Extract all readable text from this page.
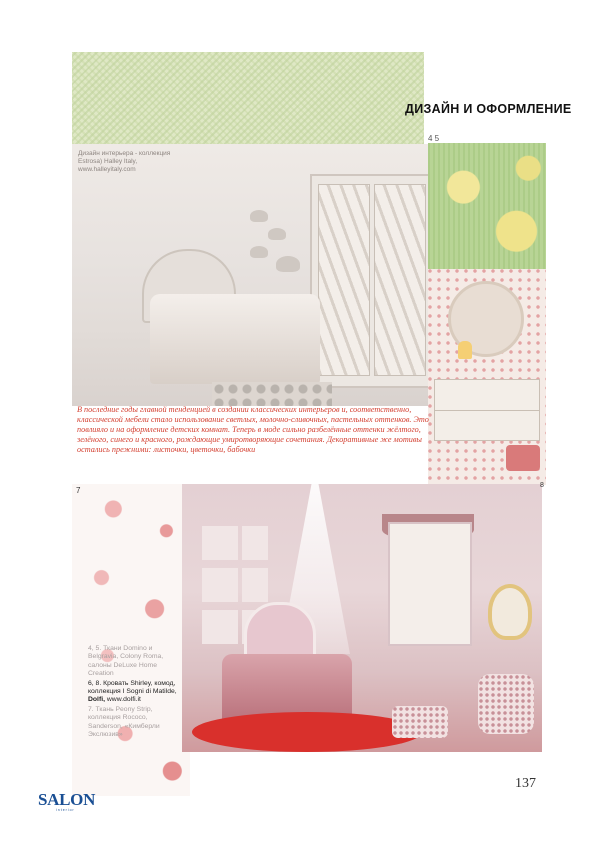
ДИЗАЙН И ОФОРМЛЕНИЕ
4 5
Дизайн интерьера - коллекция Estrosa) Halley Italy, www.halleyitaly.com
В последние годы главной тенденцией в создании классических интерьеров и, соответственно, классической мебели стало использование светлых, молочно-сливочных, пастельных оттенков. Это повлияло и на оформление детских комнат. Теперь в моде сильно разбелённые оттенки жёлтого, зелёного, синего и красного, рождающие умиротворяющие сочетания. Декоративные же мотивы остались прежними: листочки, цветочки, бабочки
7
8

4, 5. Ткани Domino и Belgravia, Colony Roma, салоны DeLuxe Home Creation

6, 8. Кровать Shirley, комод, коллекция I Sogni di Matilde, Dolfi, www.dolfi.it

7. Ткань Peony Strip, коллекция Rococo, Sanderson, «Кимберли Экслюзив»

137
SALON
interior
